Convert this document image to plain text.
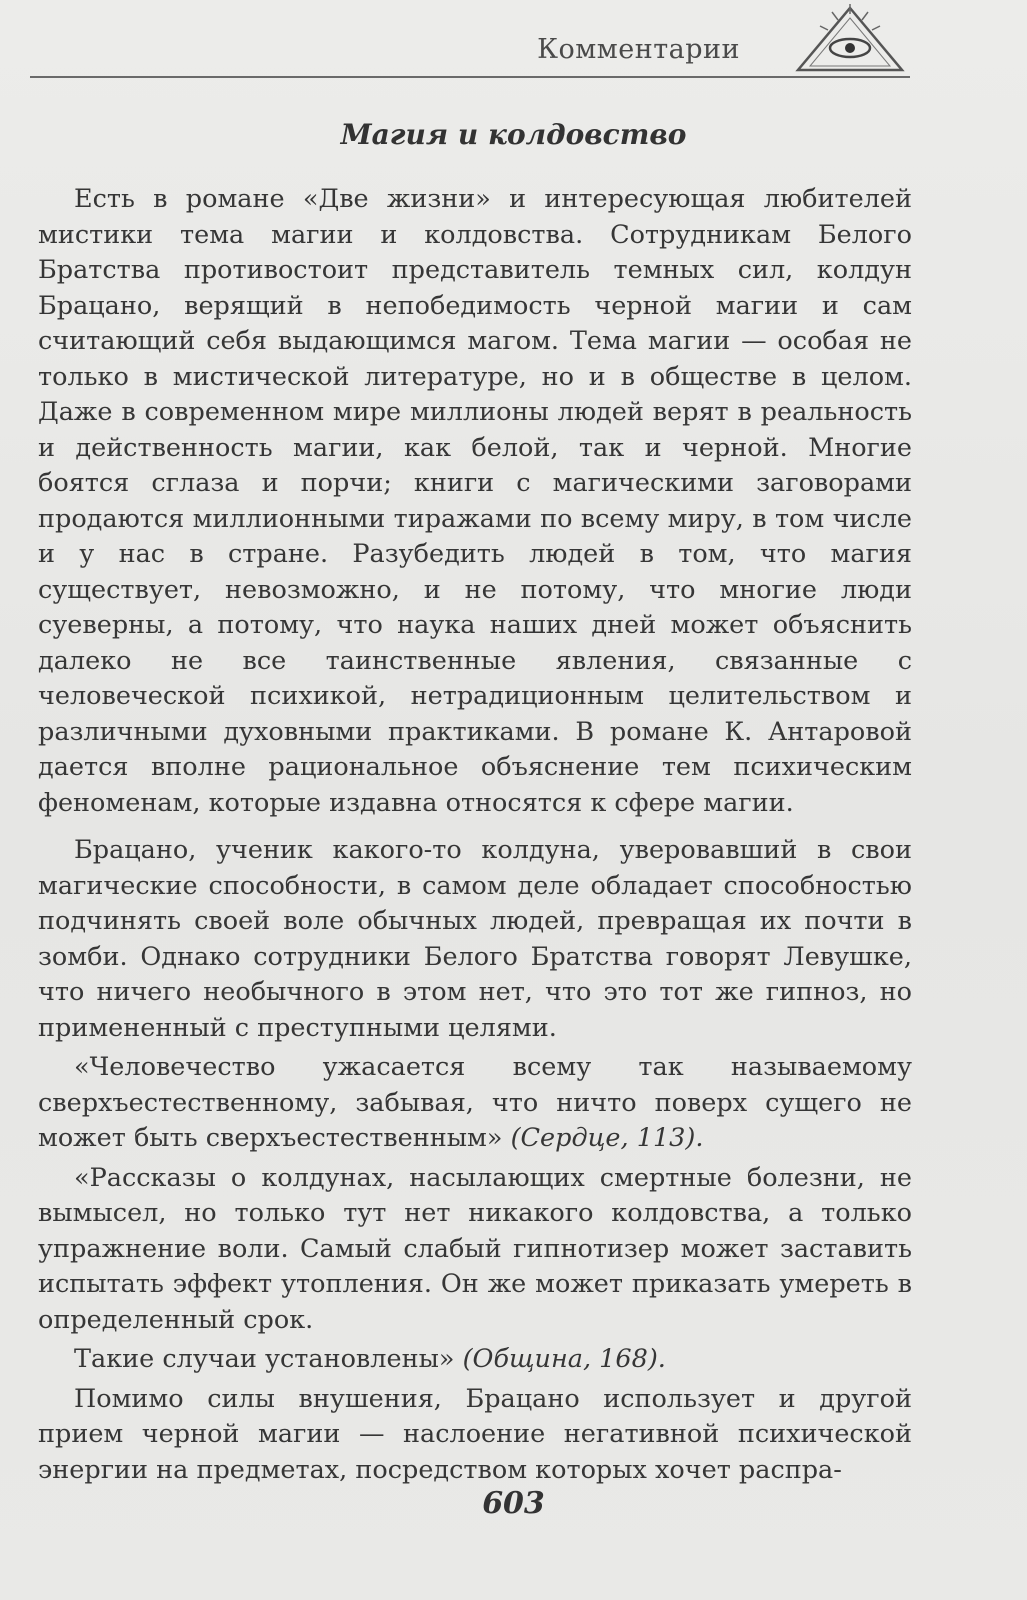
Комментарии
Магия и колдовство

Есть в романе «Две жизни» и интересующая любителей мистики тема магии и колдовства. Сотрудникам Белого Братства противостоит представитель темных сил, колдун Брацано, верящий в непобедимость черной магии и сам считающий себя выдающимся магом. Тема магии — особая не только в мистической литературе, но и в обществе в целом. Даже в современном мире миллионы людей верят в реальность и действенность магии, как белой, так и черной. Многие боятся сглаза и порчи; книги с магическими заговорами продаются миллионными тиражами по всему миру, в том числе и у нас в стране. Разубедить людей в том, что магия существует, невозможно, и не потому, что многие люди суеверны, а потому, что наука наших дней может объяснить далеко не все таинственные явления, связанные с человеческой психикой, нетрадиционным целительством и различными духовными практиками. В романе К. Антаровой дается вполне рациональное объяснение тем психическим феноменам, которые издавна относятся к сфере магии.

Брацано, ученик какого-то колдуна, уверовавший в свои магические способности, в самом деле обладает способностью подчинять своей воле обычных людей, превращая их почти в зомби. Однако сотрудники Белого Братства говорят Левушке, что ничего необычного в этом нет, что это тот же гипноз, но примененный с преступными целями.

«Человечество ужасается всему так называемому сверхъестественному, забывая, что ничто поверх сущего не может быть сверхъестественным» (Сердце, 113).

«Рассказы о колдунах, насылающих смертные болезни, не вымысел, но только тут нет никакого колдовства, а только упражнение воли. Самый слабый гипнотизер может заставить испытать эффект утопления. Он же может приказать умереть в определенный срок.

Такие случаи установлены» (Община, 168).

Помимо силы внушения, Брацано использует и другой прием черной магии — наслоение негативной психической энергии на предметах, посредством которых хочет распра-

603
